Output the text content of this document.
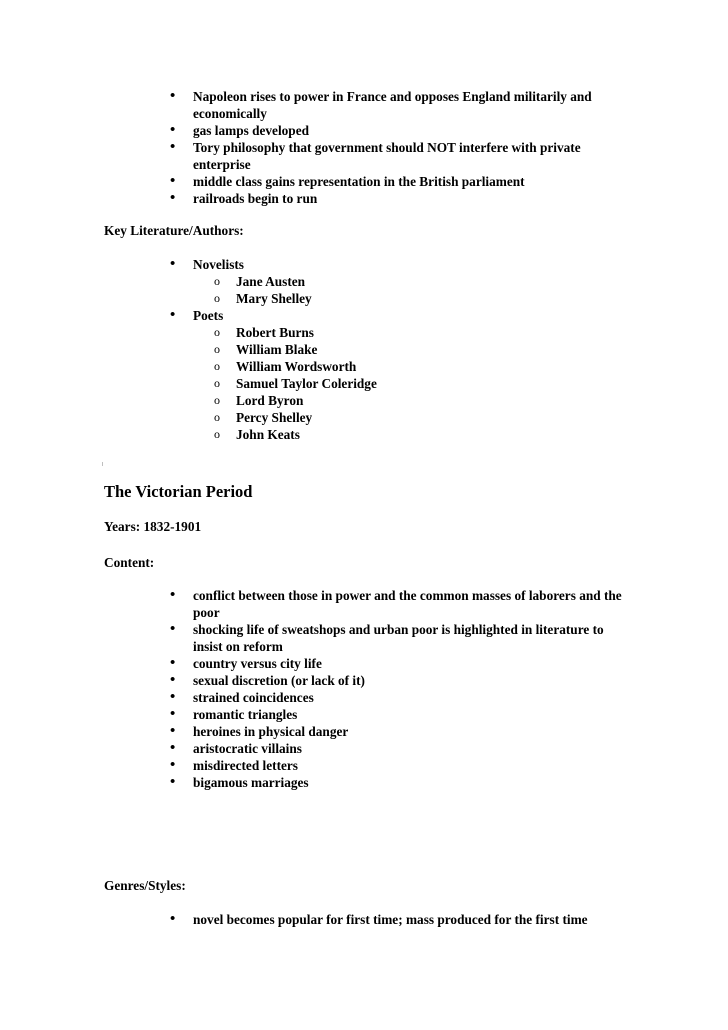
• Napoleon rises to power in France and opposes England militarily and economically
• gas lamps developed
• Tory philosophy that government should NOT interfere with private enterprise
• middle class gains representation in the British parliament
• railroads begin to run
Key Literature/Authors:
• Novelists
o Jane Austen
o Mary Shelley
• Poets
o Robert Burns
o William Blake
o William Wordsworth
o Samuel Taylor Coleridge
o Lord Byron
o Percy Shelley
o John Keats
The Victorian Period
Years: 1832-1901
Content:
• conflict between those in power and the common masses of laborers and the poor
• shocking life of sweatshops and urban poor is highlighted in literature to insist on reform
• country versus city life
• sexual discretion (or lack of it)
• strained coincidences
• romantic triangles
• heroines in physical danger
• aristocratic villains
• misdirected letters
• bigamous marriages
Genres/Styles:
• novel becomes popular for first time; mass produced for the first time
